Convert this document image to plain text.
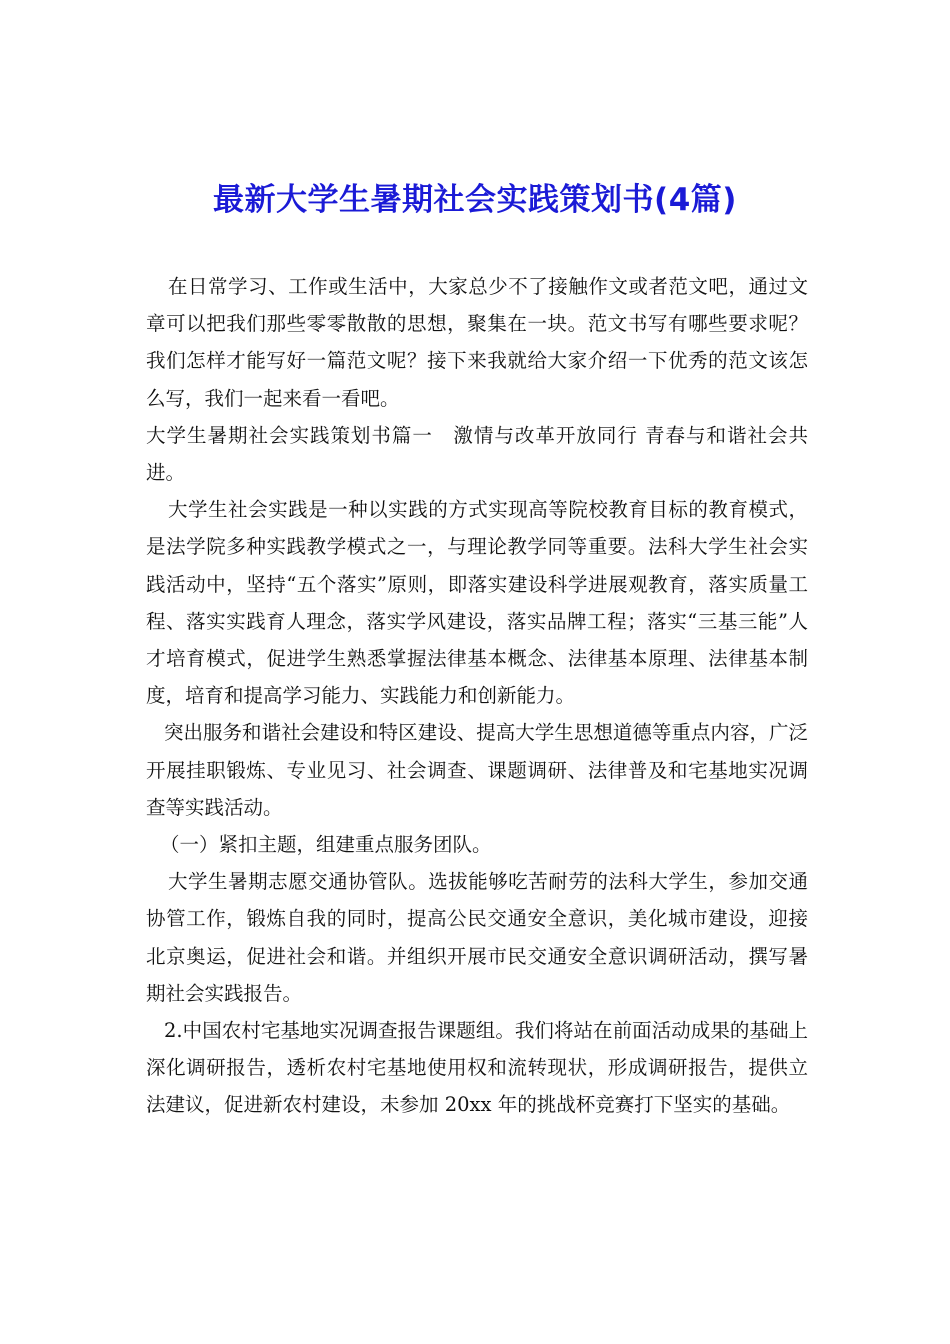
最新大学生暑期社会实践策划书(4篇)

在日常学习、工作或生活中，大家总少不了接触作文或者范文吧，通过文章可以把我们那些零零散散的思想，聚集在一块。范文书写有哪些要求呢？我们怎样才能写好一篇范文呢？接下来我就给大家介绍一下优秀的范文该怎么写，我们一起来看一看吧。

大学生暑期社会实践策划书篇一　激情与改革开放同行 青春与和谐社会共进。

大学生社会实践是一种以实践的方式实现高等院校教育目标的教育模式，是法学院多种实践教学模式之一，与理论教学同等重要。法科大学生社会实践活动中，坚持“五个落实”原则，即落实建设科学进展观教育，落实质量工程、落实实践育人理念，落实学风建设，落实品牌工程；落实“三基三能”人才培育模式，促进学生熟悉掌握法律基本概念、法律基本原理、法律基本制度，培育和提高学习能力、实践能力和创新能力。

突出服务和谐社会建设和特区建设、提高大学生思想道德等重点内容，广泛开展挂职锻炼、专业见习、社会调查、课题调研、法律普及和宅基地实况调查等实践活动。

（一）紧扣主题，组建重点服务团队。

大学生暑期志愿交通协管队。选拔能够吃苦耐劳的法科大学生，参加交通协管工作，锻炼自我的同时，提高公民交通安全意识，美化城市建设，迎接北京奥运，促进社会和谐。并组织开展市民交通安全意识调研活动，撰写暑期社会实践报告。

2.中国农村宅基地实况调查报告课题组。我们将站在前面活动成果的基础上深化调研报告，透析农村宅基地使用权和流转现状，形成调研报告，提供立法建议，促进新农村建设，未参加 20xx 年的挑战杯竞赛打下坚实的基础。
